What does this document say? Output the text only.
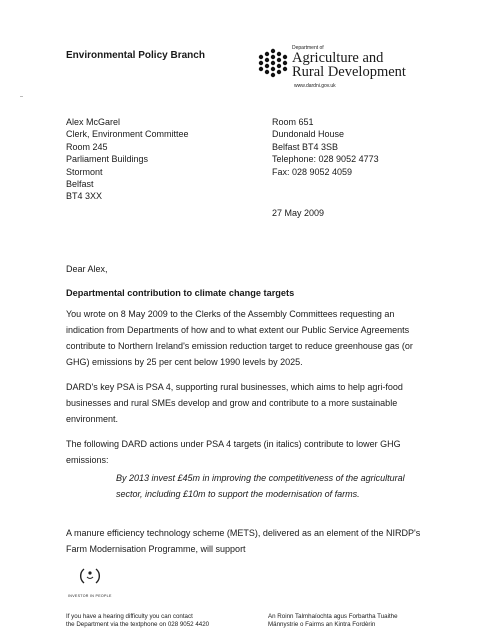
Environmental Policy Branch
Department of
Agriculture and
Rural Development
www.dardni.gov.uk
Alex McGarel
Clerk, Environment Committee
Room 245
Parliament Buildings
Stormont
Belfast
BT4 3XX
Room 651
Dundonald House
Belfast BT4 3SB
Telephone: 028 9052 4773
Fax: 028 9052 4059
27 May 2009
Dear Alex,
Departmental contribution to climate change targets
You wrote on 8 May 2009 to the Clerks of the Assembly Committees requesting an indication from Departments of how and to what extent our Public Service Agreements contribute to Northern Ireland's emission reduction target to reduce greenhouse gas (or GHG) emissions by 25 per cent below 1990 levels by 2025.
DARD's key PSA is PSA 4, supporting rural businesses, which aims to help agri-food businesses and rural SMEs develop and grow and contribute to a more sustainable environment.
The following DARD actions under PSA 4 targets (in italics) contribute to lower GHG emissions:
By 2013 invest £45m in improving the competitiveness of the agricultural sector, including £10m to support the modernisation of farms.
A manure efficiency technology scheme (METS), delivered as an element of the NIRDP's Farm Modernisation Programme, will support
INVESTOR IN PEOPLE
If you have a hearing difficulty you can contact
the Department via the textphone on 028 9052 4420
An Roinn Talmhaíochta agus Forbartha Tuaithe
Männystrie o Fairms an Kintra Fordèrin
